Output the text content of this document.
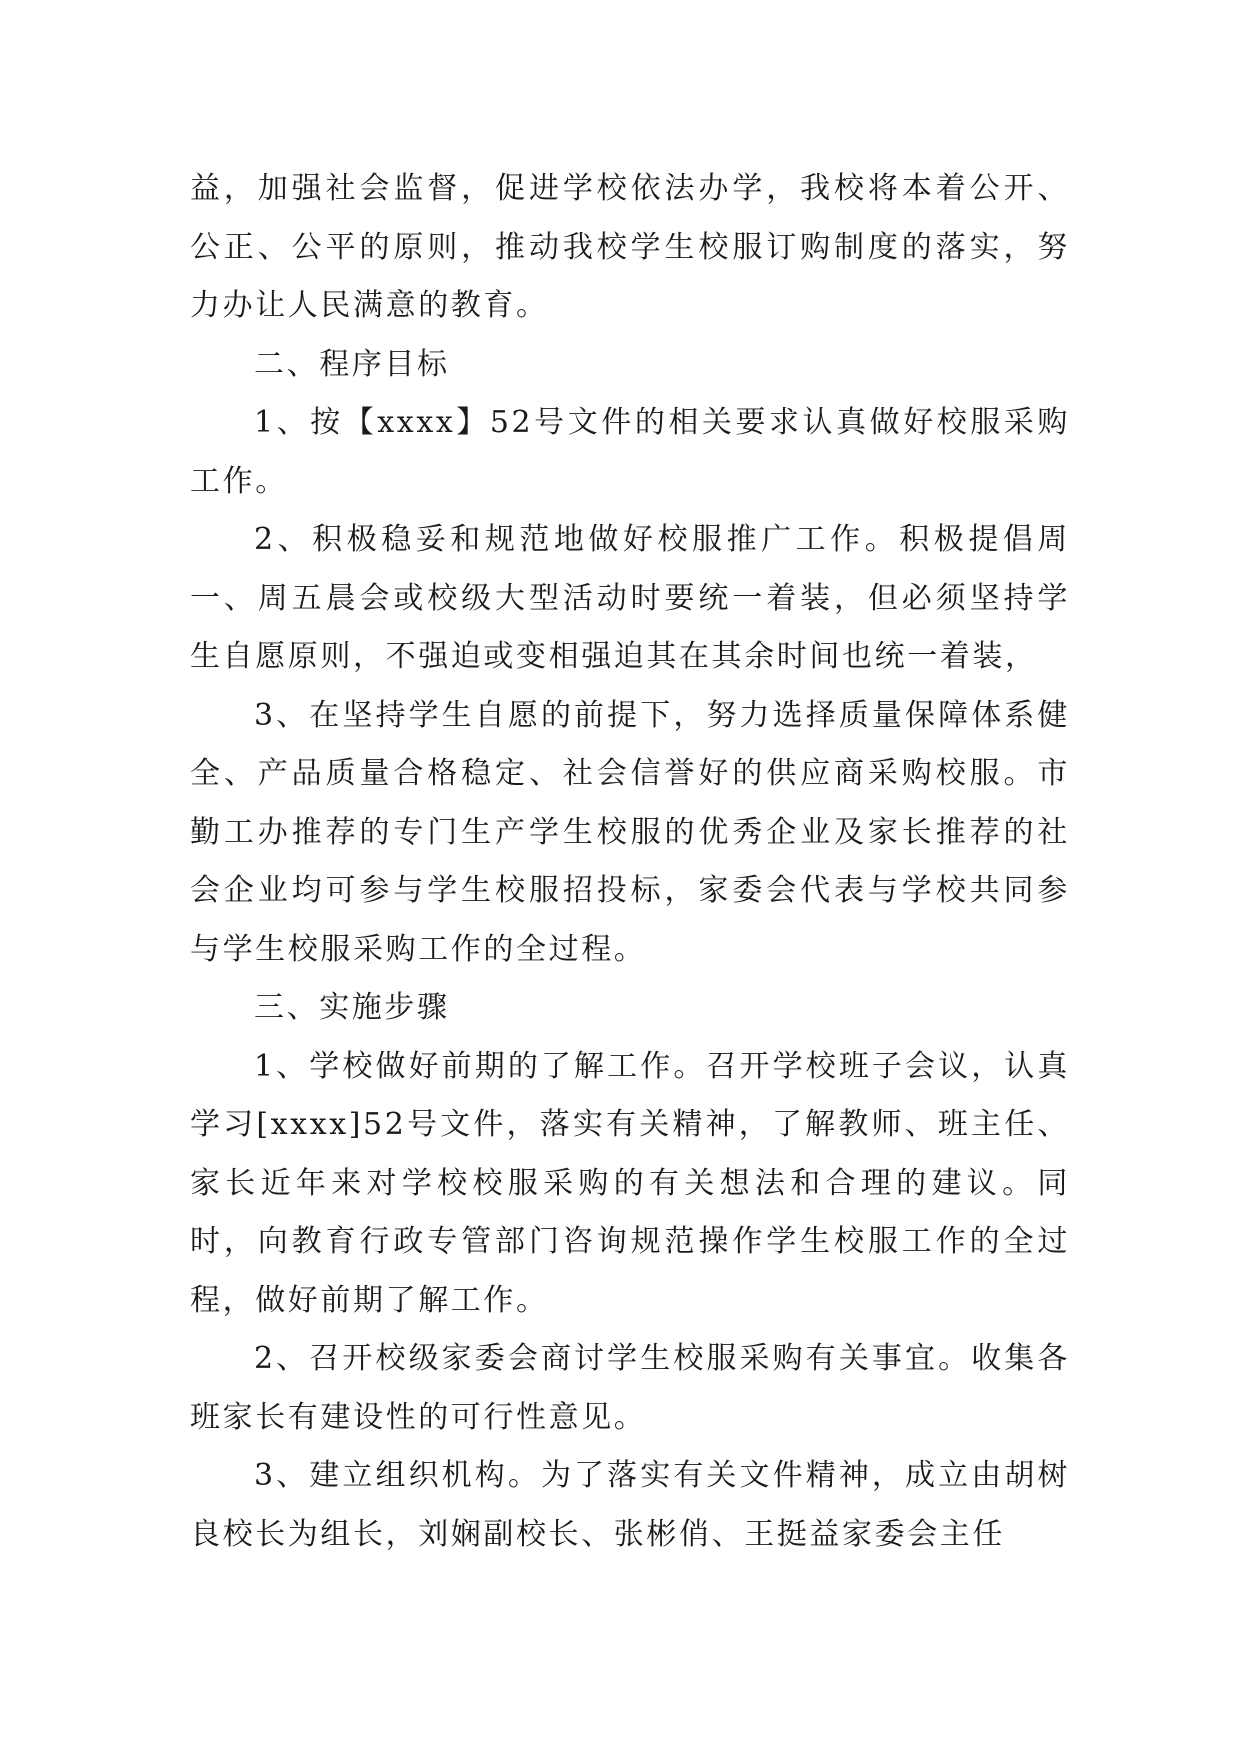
益，加强社会监督，促进学校依法办学，我校将本着公开、公正、公平的原则，推动我校学生校服订购制度的落实，努力办让人民满意的教育。

二、程序目标

1、按【xxxx】52号文件的相关要求认真做好校服采购工作。

2、积极稳妥和规范地做好校服推广工作。积极提倡周一、周五晨会或校级大型活动时要统一着装，但必须坚持学生自愿原则，不强迫或变相强迫其在其余时间也统一着装，

3、在坚持学生自愿的前提下，努力选择质量保障体系健全、产品质量合格稳定、社会信誉好的供应商采购校服。市勤工办推荐的专门生产学生校服的优秀企业及家长推荐的社会企业均可参与学生校服招投标，家委会代表与学校共同参与学生校服采购工作的全过程。

三、实施步骤

1、学校做好前期的了解工作。召开学校班子会议，认真学习[xxxx]52号文件，落实有关精神，了解教师、班主任、家长近年来对学校校服采购的有关想法和合理的建议。同时，向教育行政专管部门咨询规范操作学生校服工作的全过程，做好前期了解工作。

2、召开校级家委会商讨学生校服采购有关事宜。收集各班家长有建设性的可行性意见。

3、建立组织机构。为了落实有关文件精神，成立由胡树良校长为组长，刘娴副校长、张彬俏、王挺益家委会主任
